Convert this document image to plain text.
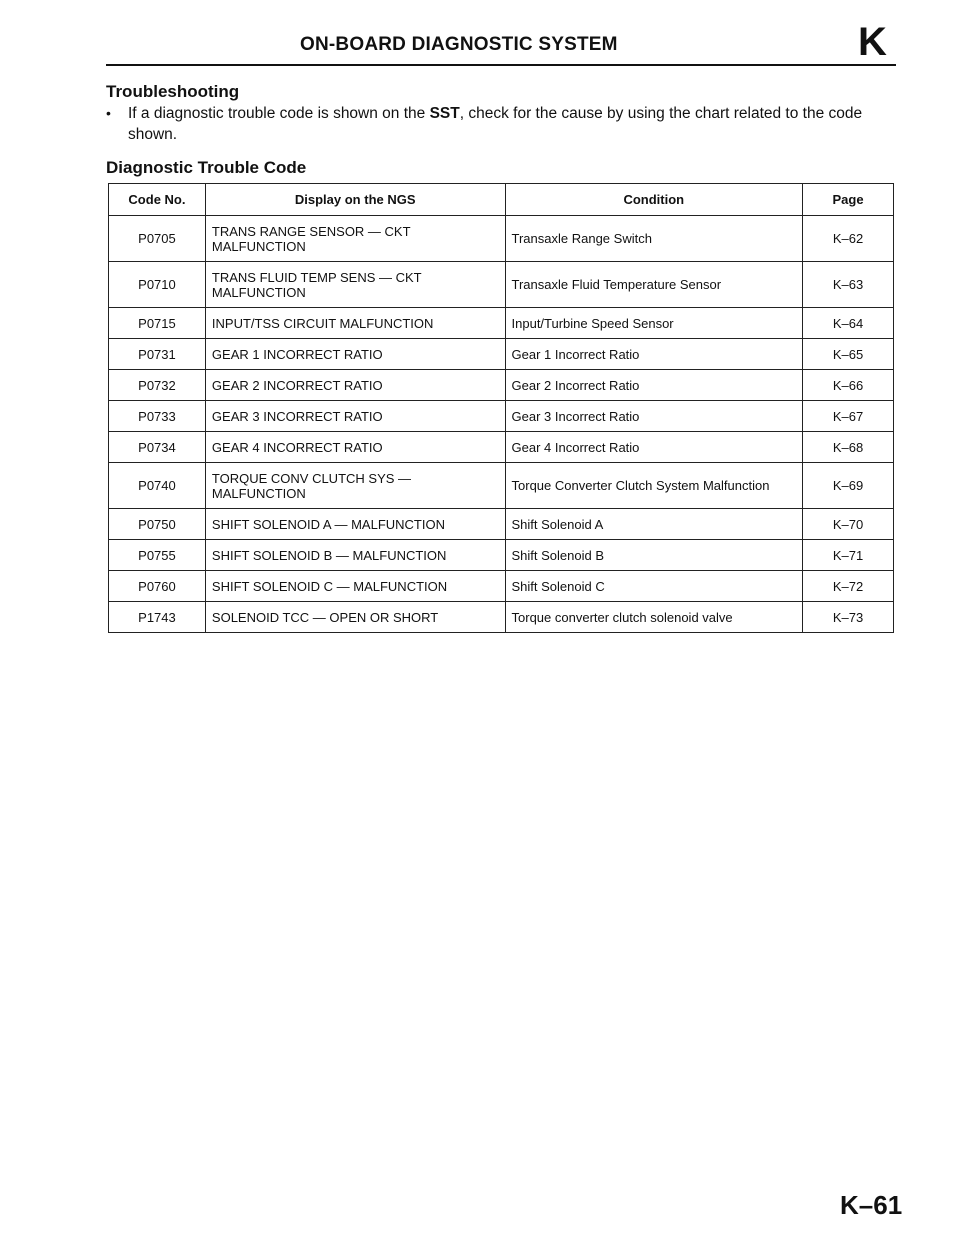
ON-BOARD DIAGNOSTIC SYSTEM	K
Troubleshooting
•	If a diagnostic trouble code is shown on the SST, check for the cause by using the chart related to the code shown.
Diagnostic Trouble Code
Code No.	Display on the NGS	Condition	Page
P0705	TRANS RANGE SENSOR — CKT MALFUNCTION	Transaxle Range Switch	K–62
P0710	TRANS FLUID TEMP SENS — CKT MALFUNCTION	Transaxle Fluid Temperature Sensor	K–63
P0715	INPUT/TSS CIRCUIT MALFUNCTION	Input/Turbine Speed Sensor	K–64
P0731	GEAR 1 INCORRECT RATIO	Gear 1 Incorrect Ratio	K–65
P0732	GEAR 2 INCORRECT RATIO	Gear 2 Incorrect Ratio	K–66
P0733	GEAR 3 INCORRECT RATIO	Gear 3 Incorrect Ratio	K–67
P0734	GEAR 4 INCORRECT RATIO	Gear 4 Incorrect Ratio	K–68
P0740	TORQUE CONV CLUTCH SYS — MALFUNCTION	Torque Converter Clutch System Malfunction	K–69
P0750	SHIFT SOLENOID A — MALFUNCTION	Shift Solenoid A	K–70
P0755	SHIFT SOLENOID B — MALFUNCTION	Shift Solenoid B	K–71
P0760	SHIFT SOLENOID C — MALFUNCTION	Shift Solenoid C	K–72
P1743	SOLENOID TCC — OPEN OR SHORT	Torque converter clutch solenoid valve	K–73
K–61
